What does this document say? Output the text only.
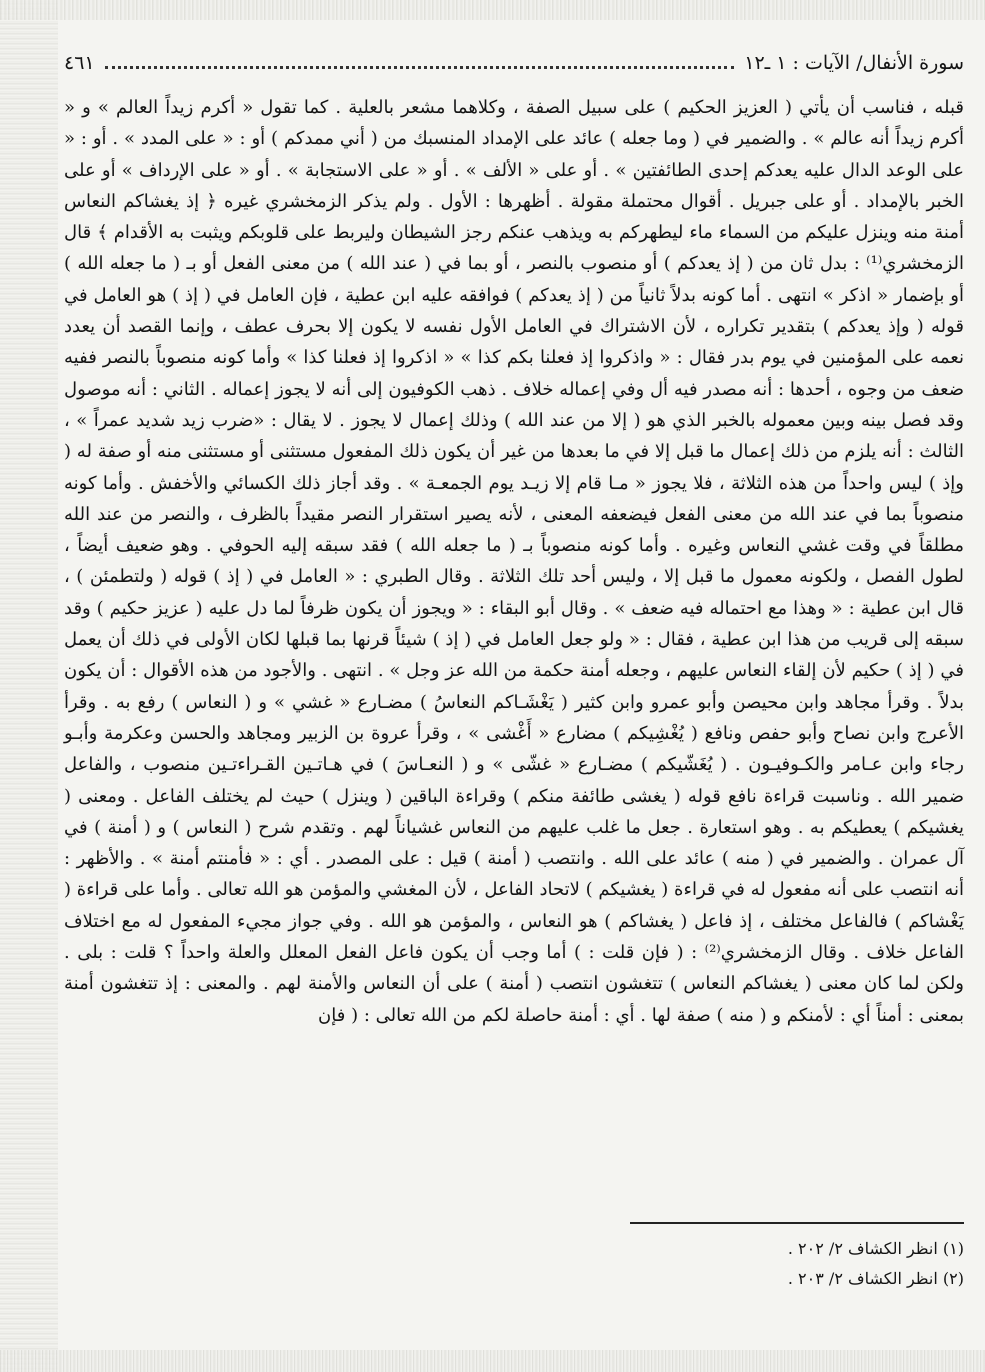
سورة الأنفال/ الآيات : ١ ـ١٢
٤٦١

قبله ، فناسب أن يأتي ( العزيز الحكيم ) على سبيل الصفة ، وكلاهما مشعر بالعلية . كما تقول « أكرم زيداً العالم » و « أكرم زيداً أنه عالم » . والضمير في ( وما جعله ) عائد على الإمداد المنسبك من ( أني ممدكم ) أو : « على المدد » . أو : « على الوعد الدال عليه يعدكم إحدى الطائفتين » . أو على « الألف » . أو « على الاستجابة » . أو « على الإرداف » أو على الخبر بالإمداد . أو على جبريل . أقوال محتملة مقولة . أظهرها : الأول . ولم يذكر الزمخشري غيره ﴿ إذ يغشاكم النعاس أمنة منه وينزل عليكم من السماء ماء ليطهركم به ويذهب عنكم رجز الشيطان وليربط على قلوبكم ويثبت به الأقدام ﴾ قال الزمخشري⁽¹⁾ : بدل ثان من ( إذ يعدكم ) أو منصوب بالنصر ، أو بما في ( عند الله ) من معنى الفعل أو بـ ( ما جعله الله ) أو بإضمار « اذكر » انتهى . أما كونه بدلاً ثانياً من ( إذ يعدكم ) فوافقه عليه ابن عطية ، فإن العامل في ( إذ ) هو العامل في قوله ( وإذ يعدكم ) بتقدير تكراره ، لأن الاشتراك في العامل الأول نفسه لا يكون إلا بحرف عطف ، وإنما القصد أن يعدد نعمه على المؤمنين في يوم بدر فقال : « واذكروا إذ فعلنا بكم كذا » « اذكروا إذ فعلنا كذا » وأما كونه منصوباً بالنصر ففيه ضعف من وجوه ، أحدها : أنه مصدر فيه أل وفي إعماله خلاف . ذهب الكوفيون إلى أنه لا يجوز إعماله . الثاني : أنه موصول وقد فصل بينه وبين معموله بالخبر الذي هو ( إلا من عند الله ) وذلك إعمال لا يجوز . لا يقال : «ضرب زيد شديد عمراً » ، الثالث : أنه يلزم من ذلك إعمال ما قبل إلا في ما بعدها من غير أن يكون ذلك المفعول مستثنى أو مستثنى منه أو صفة له ( وإذ ) ليس واحداً من هذه الثلاثة ، فلا يجوز « مـا قام إلا زيـد يوم الجمعـة » . وقد أجاز ذلك الكسائي والأخفش . وأما كونه منصوباً بما في عند الله من معنى الفعل فيضعفه المعنى ، لأنه يصير استقرار النصر مقيداً بالظرف ، والنصر من عند الله مطلقاً في وقت غشي النعاس وغيره . وأما كونه منصوباً بـ ( ما جعله الله ) فقد سبقه إليه الحوفي . وهو ضعيف أيضاً ، لطول الفصل ، ولكونه معمول ما قبل إلا ، وليس أحد تلك الثلاثة . وقال الطبري : « العامل في ( إذ ) قوله ( ولتطمئن ) ، قال ابن عطية : « وهذا مع احتماله فيه ضعف » . وقال أبو البقاء : « ويجوز أن يكون ظرفاً لما دل عليه ( عزيز حكيم ) وقد سبقه إلى قريب من هذا ابن عطية ، فقال : « ولو جعل العامل في ( إذ ) شيئاً قرنها بما قبلها لكان الأولى في ذلك أن يعمل في ( إذ ) حكيم لأن إلقاء النعاس عليهم ، وجعله أمنة حكمة من الله عز وجل » . انتهى . والأجود من هذه الأقوال : أن يكون بدلاً . وقرأ مجاهد وابن محيصن وأبو عمرو وابن كثير ( يَغْشَـاكم النعاسُ ) مضـارع « غشي » و ( النعاس ) رفع به . وقرأ الأعرج وابن نصاح وأبو حفص ونافع ( يُغْشِيكم ) مضارع « أَغْشى » ، وقرأ عروة بن الزبير ومجاهد والحسن وعكرمة وأبـو رجاء وابن عـامر والكـوفيـون . ( يُغَشّيكم ) مضـارع « غشّى » و ( النعـاسَ ) في هـاتـين القـراءتـين منصوب ، والفاعل ضمير الله . وناسبت قراءة نافع قوله ( يغشى طائفة منكم ) وقراءة الباقين ( وينزل ) حيث لم يختلف الفاعل . ومعنى ( يغشيكم ) يعطيكم به . وهو استعارة . جعل ما غلب عليهم من النعاس غشياناً لهم . وتقدم شرح ( النعاس ) و ( أمنة ) في آل عمران . والضمير في ( منه ) عائد على الله . وانتصب ( أمنة ) قيل : على المصدر . أي : « فأمنتم أمنة » . والأظهر : أنه انتصب على أنه مفعول له في قراءة ( يغشيكم ) لاتحاد الفاعل ، لأن المغشي والمؤمن هو الله تعالى . وأما على قراءة ( يَغْشاكم ) فالفاعل مختلف ، إذ فاعل ( يغشاكم ) هو النعاس ، والمؤمن هو الله . وفي جواز مجيء المفعول له مع اختلاف الفاعل خلاف . وقال الزمخشري⁽²⁾ : ( فإن قلت : ) أما وجب أن يكون فاعل الفعل المعلل والعلة واحداً ؟ قلت : بلى . ولكن لما كان معنى ( يغشاكم النعاس ) تتغشون انتصب ( أمنة ) على أن النعاس والأمنة لهم . والمعنى : إذ تتغشون أمنة بمعنى : أمناً أي : لأمنكم و ( منه ) صفة لها . أي : أمنة حاصلة لكم من الله تعالى : ( فإن

(١) انظر الكشاف ٢/ ٢٠٢ .
(٢) انظر الكشاف ٢/ ٢٠٣ .
